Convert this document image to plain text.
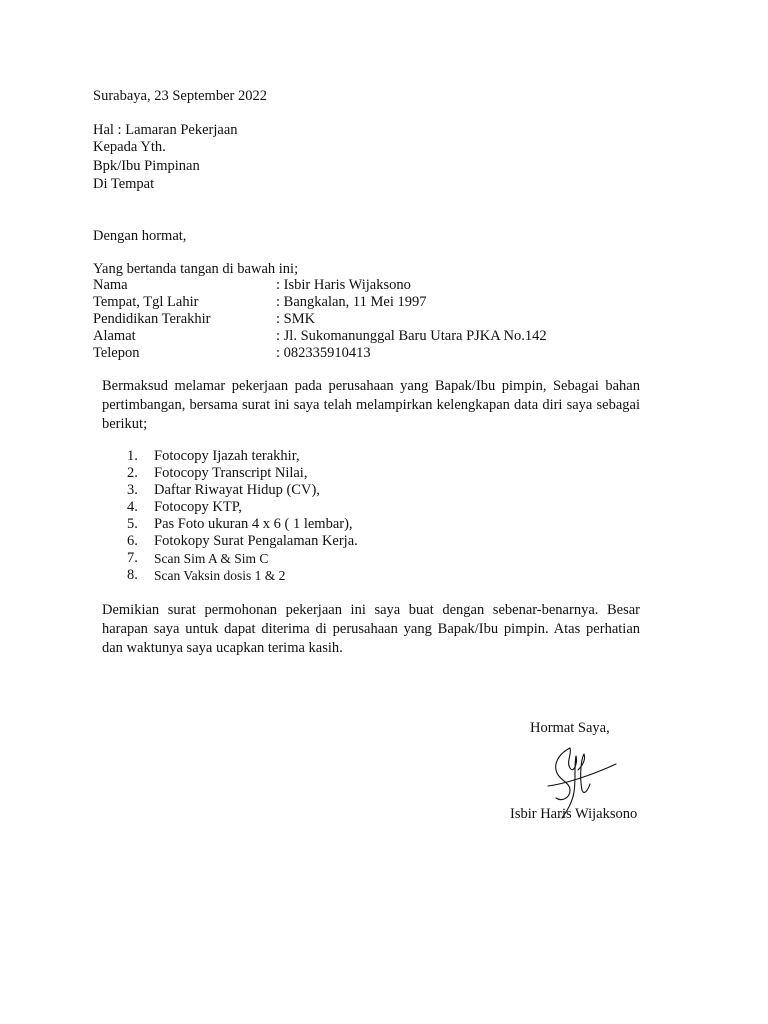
Surabaya, 23 September 2022
Hal : Lamaran Pekerjaan
Kepada Yth.
Bpk/Ibu Pimpinan
Di Tempat
Dengan hormat,
Yang bertanda tangan di bawah ini;
Nama	: Isbir Haris Wijaksono
Tempat, Tgl Lahir	: Bangkalan, 11 Mei 1997
Pendidikan Terakhir	: SMK
Alamat	: Jl. Sukomanunggal Baru Utara PJKA No.142
Telepon	: 082335910413
Bermaksud melamar pekerjaan pada perusahaan yang Bapak/Ibu pimpin, Sebagai bahan pertimbangan, bersama surat ini saya telah melampirkan kelengkapan data diri saya sebagai berikut;
1. Fotocopy Ijazah terakhir,
2. Fotocopy Transcript Nilai,
3. Daftar Riwayat Hidup (CV),
4. Fotocopy KTP,
5. Pas Foto ukuran 4 x 6 ( 1 lembar),
6. Fotokopy Surat Pengalaman Kerja.
7. Scan Sim A & Sim C
8. Scan Vaksin dosis 1 & 2
Demikian surat permohonan pekerjaan ini saya buat dengan sebenar-benarnya. Besar harapan saya untuk dapat diterima di perusahaan yang Bapak/Ibu pimpin. Atas perhatian dan waktunya saya ucapkan terima kasih.
Hormat Saya,
Isbir Haris Wijaksono
